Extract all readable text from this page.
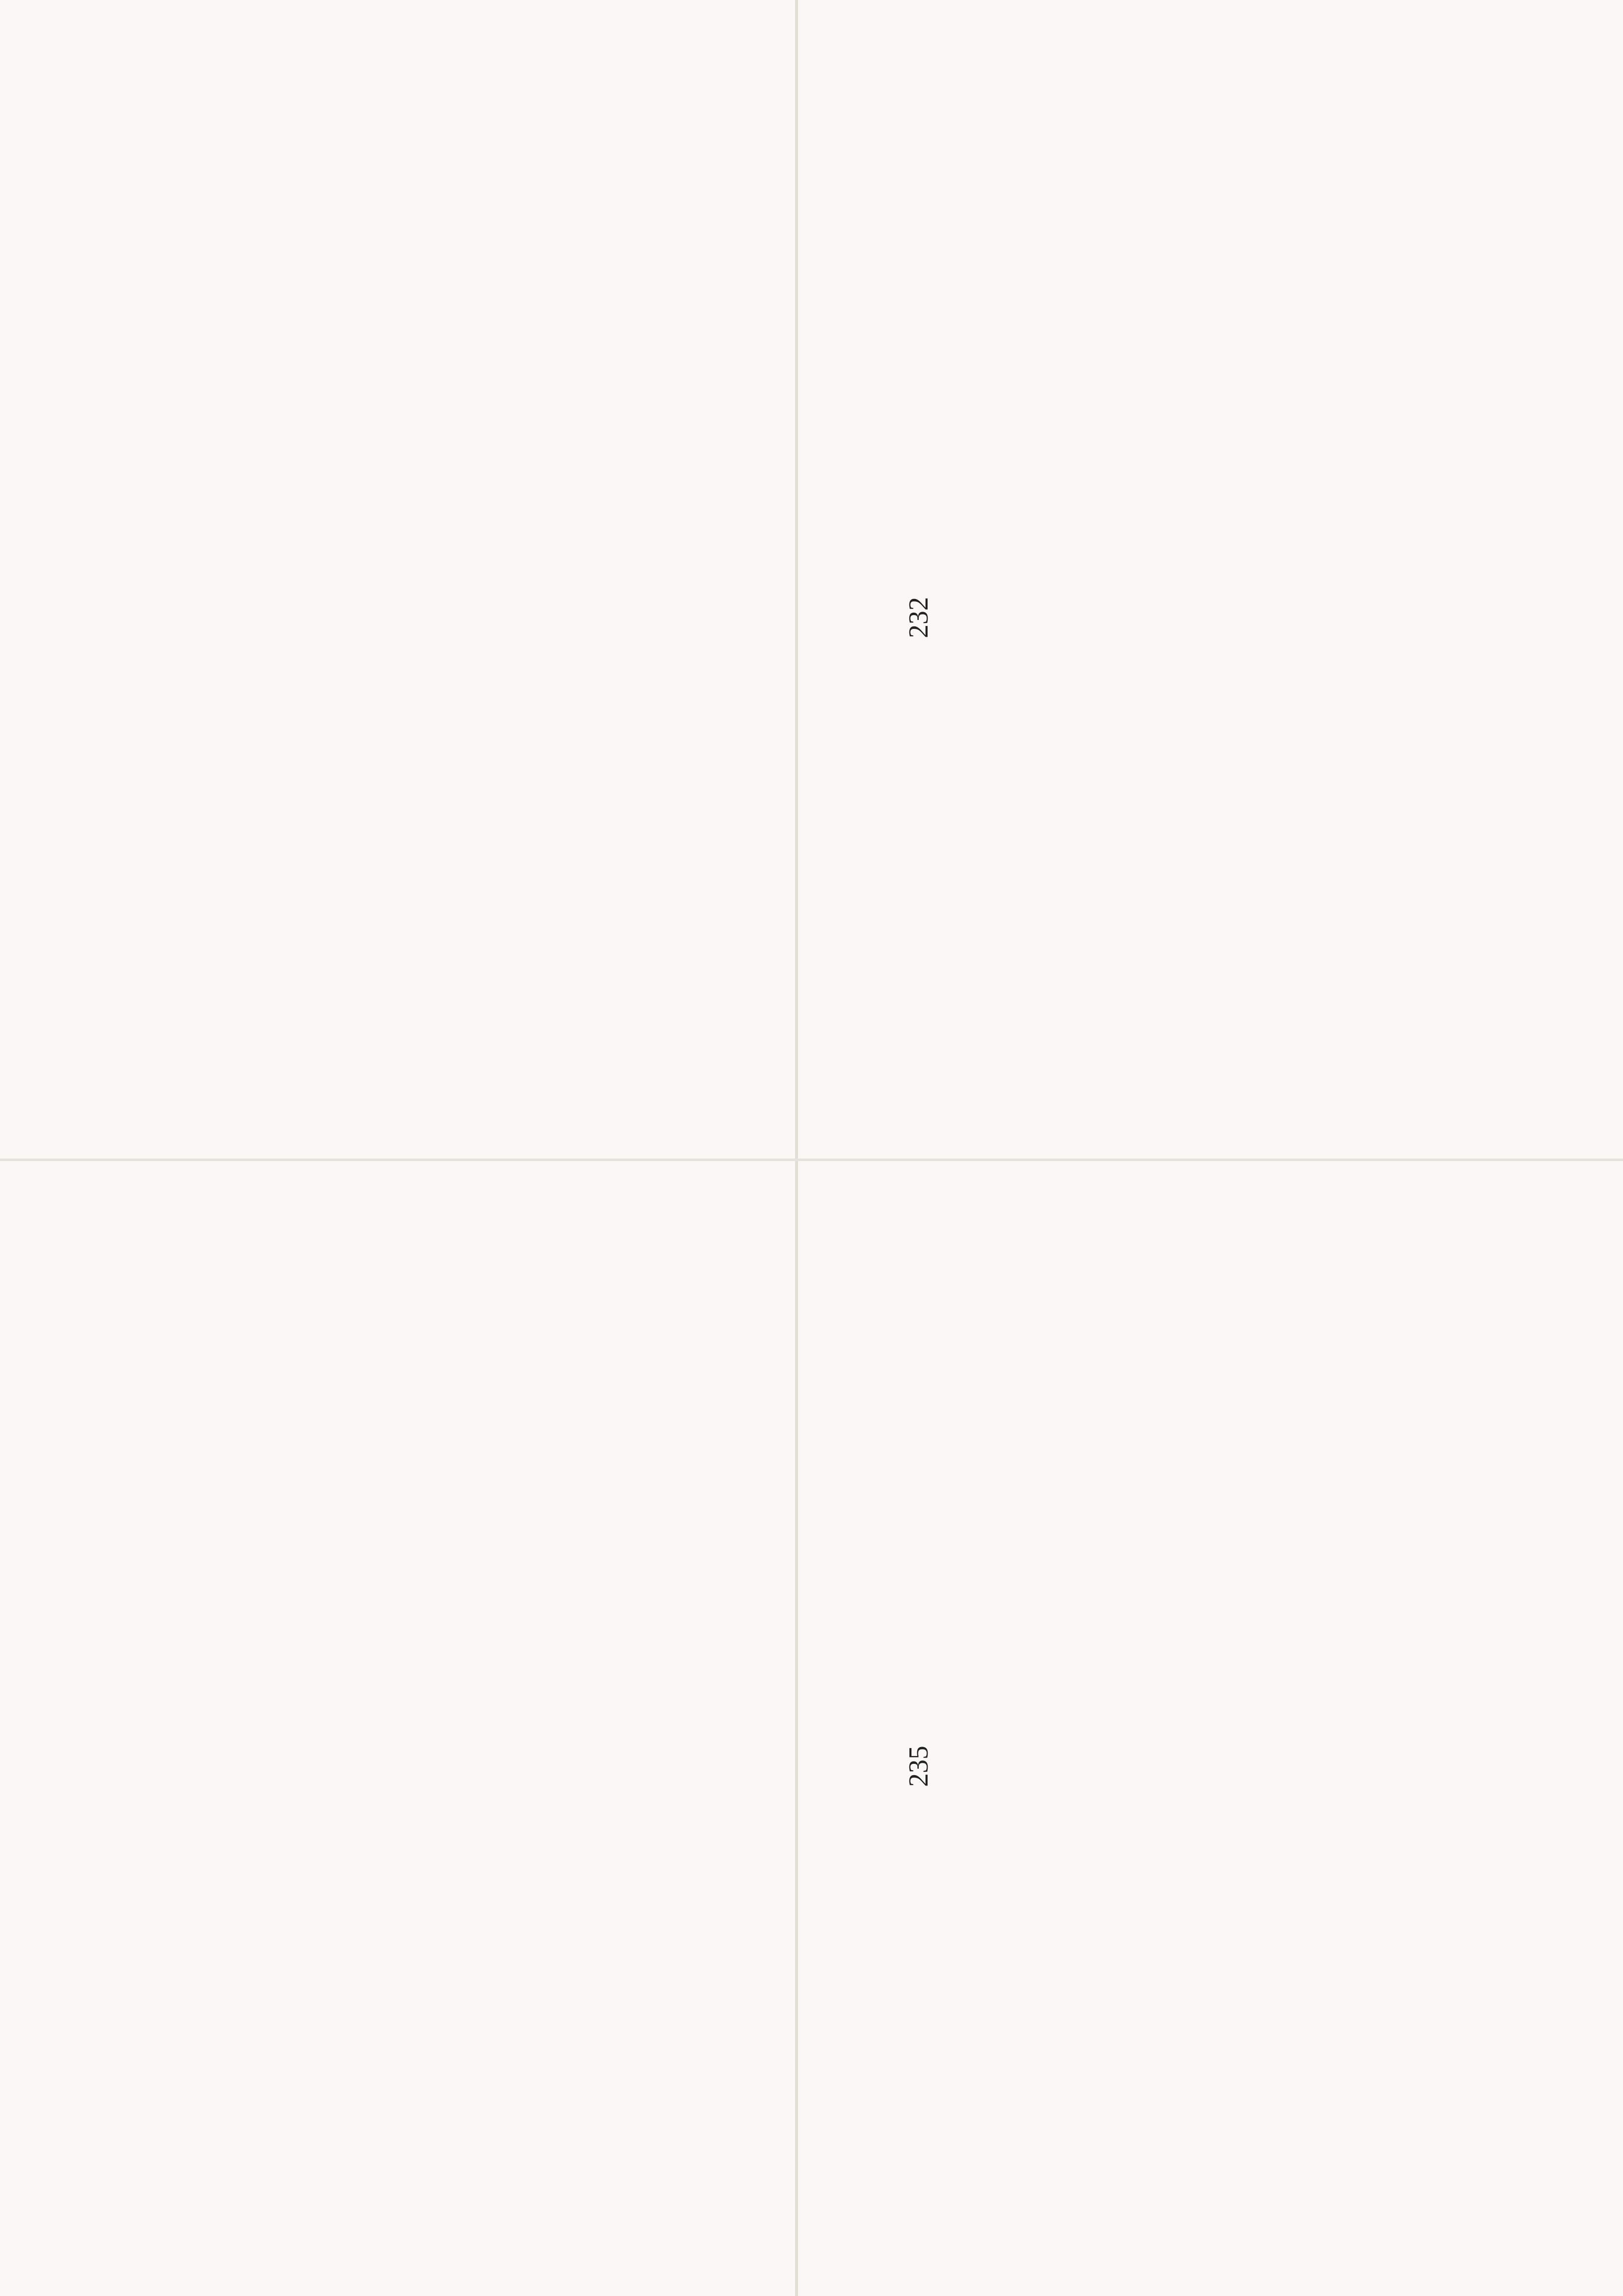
235

232
